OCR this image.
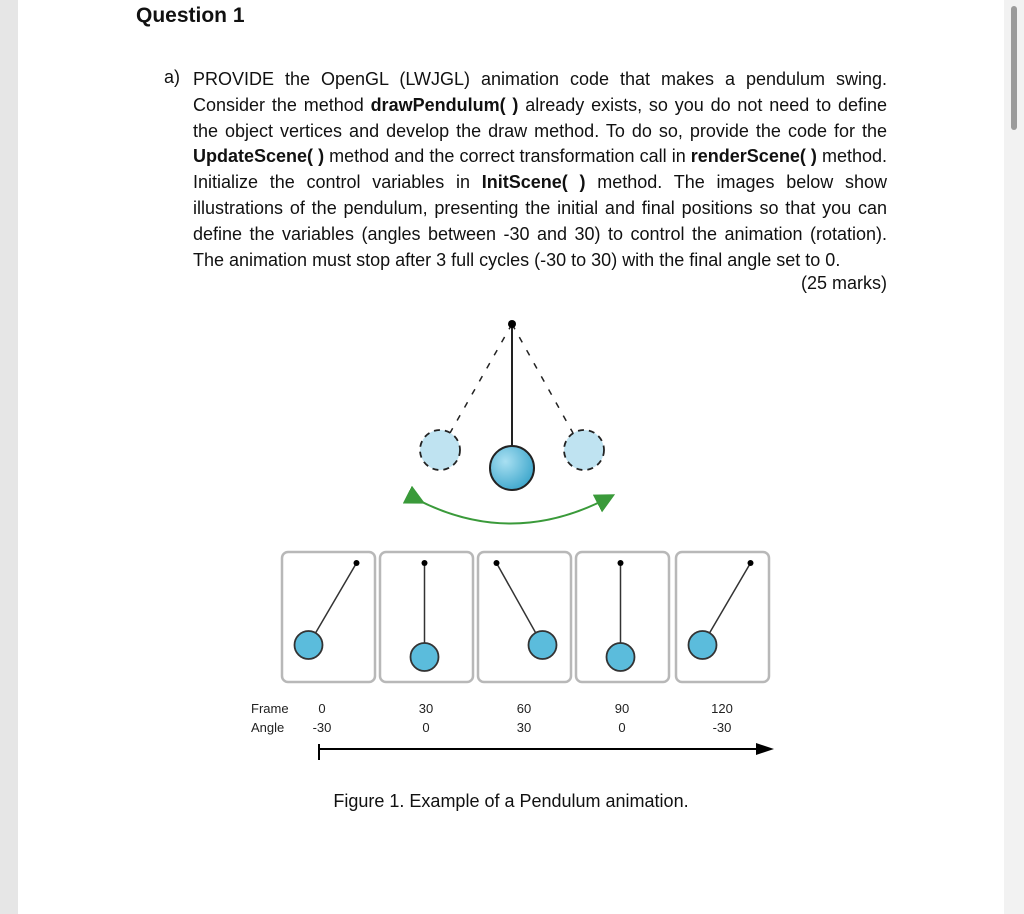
Question 1
a) PROVIDE the OpenGL (LWJGL) animation code that makes a pendulum swing. Consider the method drawPendulum( ) already exists, so you do not need to define the object vertices and develop the draw method. To do so, provide the code for the UpdateScene( ) method and the correct transformation call in renderScene( ) method. Initialize the control variables in InitScene( ) method. The images below show illustrations of the pendulum, presenting the initial and final positions so that you can define the variables (angles between -30 and 30) to control the animation (rotation). The animation must stop after 3 full cycles (-30 to 30) with the final angle set to 0.

(25 marks)
0
-30
30
0
60
30
90
0
120
-30
Frame
Angle
Figure 1. Example of a Pendulum animation.
